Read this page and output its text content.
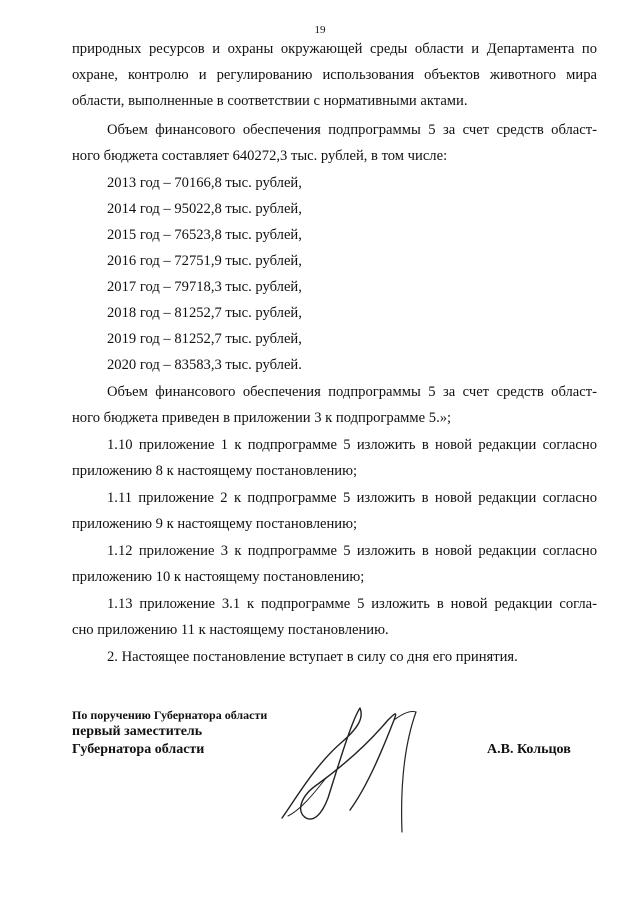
19
природных ресурсов и охраны окружающей среды области и Департамента по
охране, контролю и регулированию использования объектов животного мира
области, выполненные в соответствии с нормативными актами.
Объем финансового обеспечения подпрограммы 5 за счет средств област-
ного бюджета составляет 640272,3 тыс. рублей, в том числе:
2013 год – 70166,8 тыс. рублей,
2014 год – 95022,8 тыс. рублей,
2015 год – 76523,8 тыс. рублей,
2016 год – 72751,9 тыс. рублей,
2017 год – 79718,3 тыс. рублей,
2018 год – 81252,7 тыс. рублей,
2019 год – 81252,7 тыс. рублей,
2020 год – 83583,3 тыс. рублей.
Объем финансового обеспечения подпрограммы 5 за счет средств област-
ного бюджета приведен в приложении 3 к подпрограмме 5.»;
1.10 приложение 1 к подпрограмме 5 изложить в новой редакции согласно
приложению 8 к настоящему постановлению;
1.11 приложение 2 к подпрограмме 5 изложить в новой редакции согласно
приложению 9 к настоящему постановлению;
1.12 приложение 3 к подпрограмме 5 изложить в новой редакции согласно
приложению 10 к настоящему постановлению;
1.13 приложение 3.1 к подпрограмме 5 изложить в новой редакции согла-
сно приложению 11 к настоящему постановлению.
2. Настоящее постановление вступает в силу со дня его принятия.
По поручению Губернатора области
первый заместитель
Губернатора области	А.В. Кольцов
